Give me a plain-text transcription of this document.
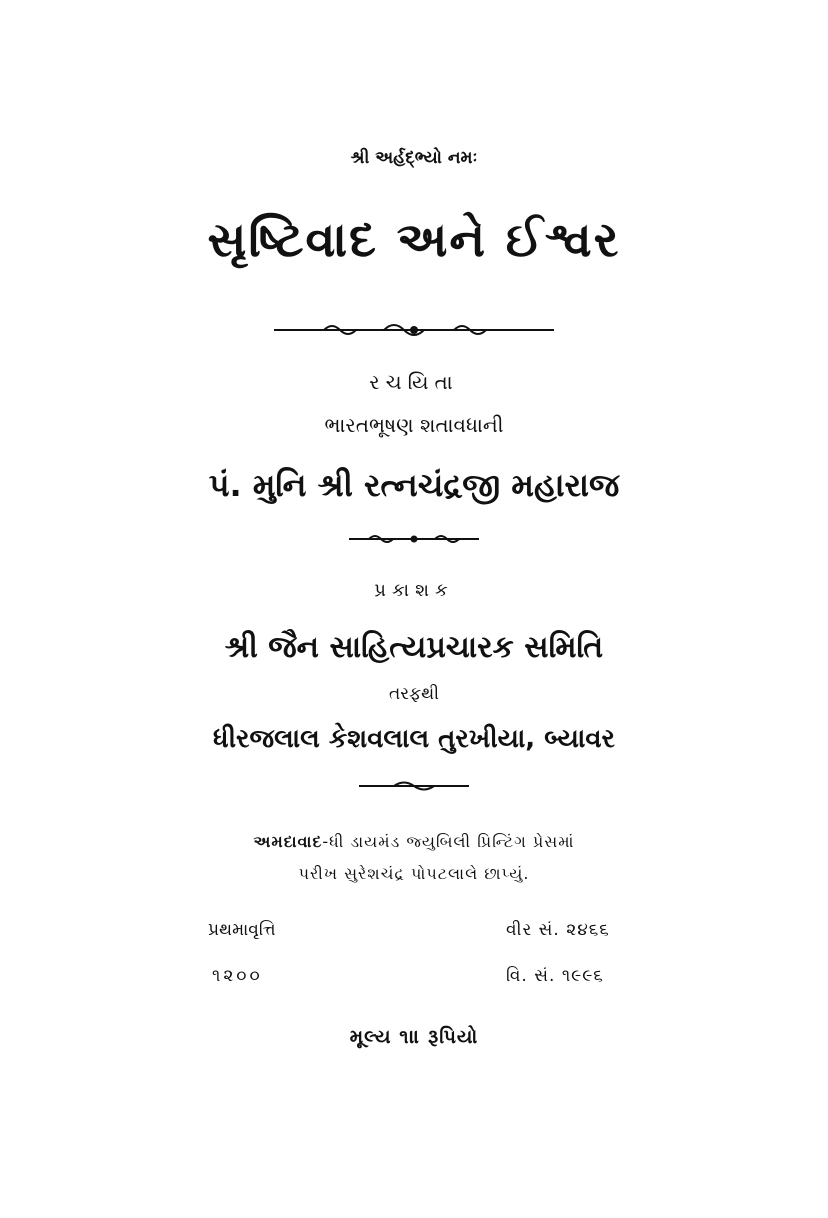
શ્રી અર્હદ્ભ્યો નમઃ
સૃષ્ટિવાદ અને ઈશ્વર
રચયિતા
ભારતભૂષણ શતાવધાની
પં. મુનિ શ્રી રત્નચંદ્રજી મહારાજ
પ્રકાશક
શ્રી જૈન સાહિત્યપ્રચારક સમિતિ
તરફથી
ધીરજલાલ કેશવલાલ તુરખીયા, બ્યાવર
અમદાવાદ-ધી ડાયમંડ જ્યુબિલી પ્રિન્ટિંગ પ્રેસમાં
પરીખ સુરેશચંદ્ર પોપટલાલે છાપ્યું.
પ્રથમાવૃત્તિ
૧૨૦૦
વીર સં. ૨૪૬૬
વિ. સં. ૧૯૯૬
મૂલ્ય ૧॥ રૂપિયો
